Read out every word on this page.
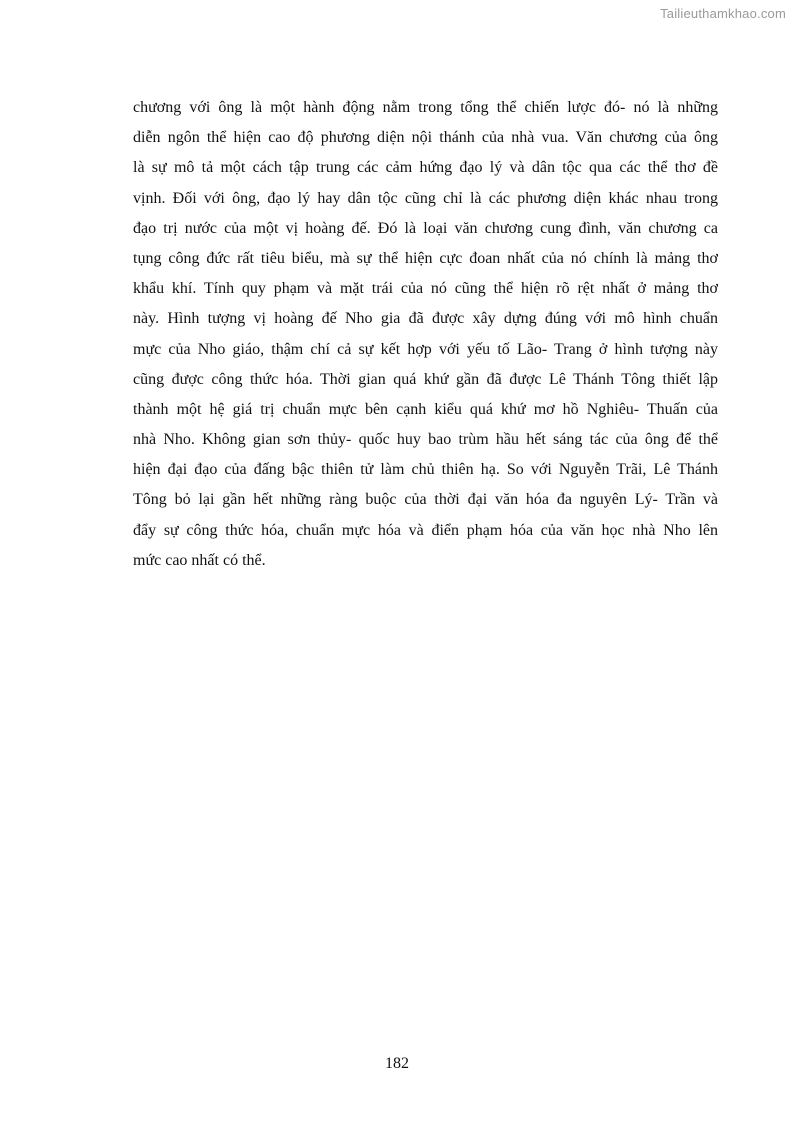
Tailieuthamkhao.com
chương với ông là một hành động nằm trong tổng thể chiến lược đó- nó là những
diễn ngôn thể hiện cao độ phương diện nội thánh của nhà vua. Văn chương của ông
là sự mô tả một cách tập trung các cảm hứng đạo lý và dân tộc qua các thể thơ đề
vịnh. Đối với ông, đạo lý hay dân tộc cũng chỉ là các phương diện khác nhau trong
đạo trị nước của một vị hoàng đế. Đó là loại văn chương cung đình, văn chương ca
tụng công đức rất tiêu biểu, mà sự thể hiện cực đoan nhất của nó chính là mảng thơ
khẩu khí. Tính quy phạm và mặt trái của nó cũng thể hiện rõ rệt nhất ở mảng thơ
này. Hình tượng vị hoàng đế Nho gia đã được xây dựng đúng với mô hình chuẩn
mực của Nho giáo, thậm chí cả sự kết hợp với yếu tố Lão- Trang ở hình tượng này
cũng được công thức hóa. Thời gian quá khứ gần đã được Lê Thánh Tông thiết lập
thành một hệ giá trị chuẩn mực bên cạnh kiểu quá khứ mơ hồ Nghiêu- Thuấn của
nhà Nho. Không gian sơn thủy- quốc huy bao trùm hầu hết sáng tác của ông để thể
hiện đại đạo của đấng bậc thiên tử làm chủ thiên hạ. So với Nguyễn Trãi, Lê Thánh
Tông bỏ lại gần hết những ràng buộc của thời đại văn hóa đa nguyên Lý- Trần và
đẩy sự công thức hóa, chuẩn mực hóa và điển phạm hóa của văn học nhà Nho lên
mức cao nhất có thể.
182
